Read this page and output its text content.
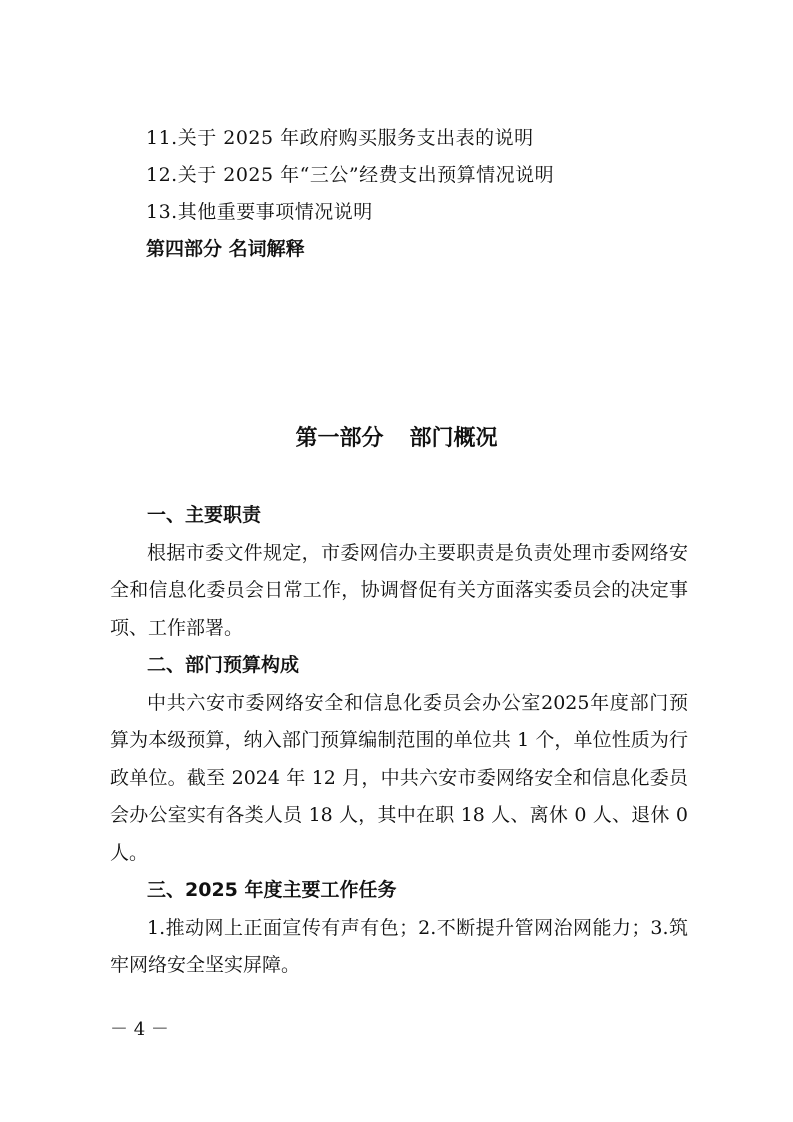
11.关于 2025 年政府购买服务支出表的说明
12.关于 2025 年“三公”经费支出预算情况说明
13.其他重要事项情况说明
第四部分 名词解释
第一部分 部门概况
一、主要职责

根据市委文件规定，市委网信办主要职责是负责处理市委网络安全和信息化委员会日常工作，协调督促有关方面落实委员会的决定事项、工作部署。

二、部门预算构成

中共六安市委网络安全和信息化委员会办公室2025年度部门预算为本级预算，纳入部门预算编制范围的单位共 1 个，单位性质为行政单位。截至 2024 年 12 月，中共六安市委网络安全和信息化委员会办公室实有各类人员 18 人，其中在职 18 人、离休 0 人、退休 0 人。

三、2025 年度主要工作任务

1.推动网上正面宣传有声有色；2.不断提升管网治网能力；3.筑牢网络安全坚实屏障。

－ 4 －
